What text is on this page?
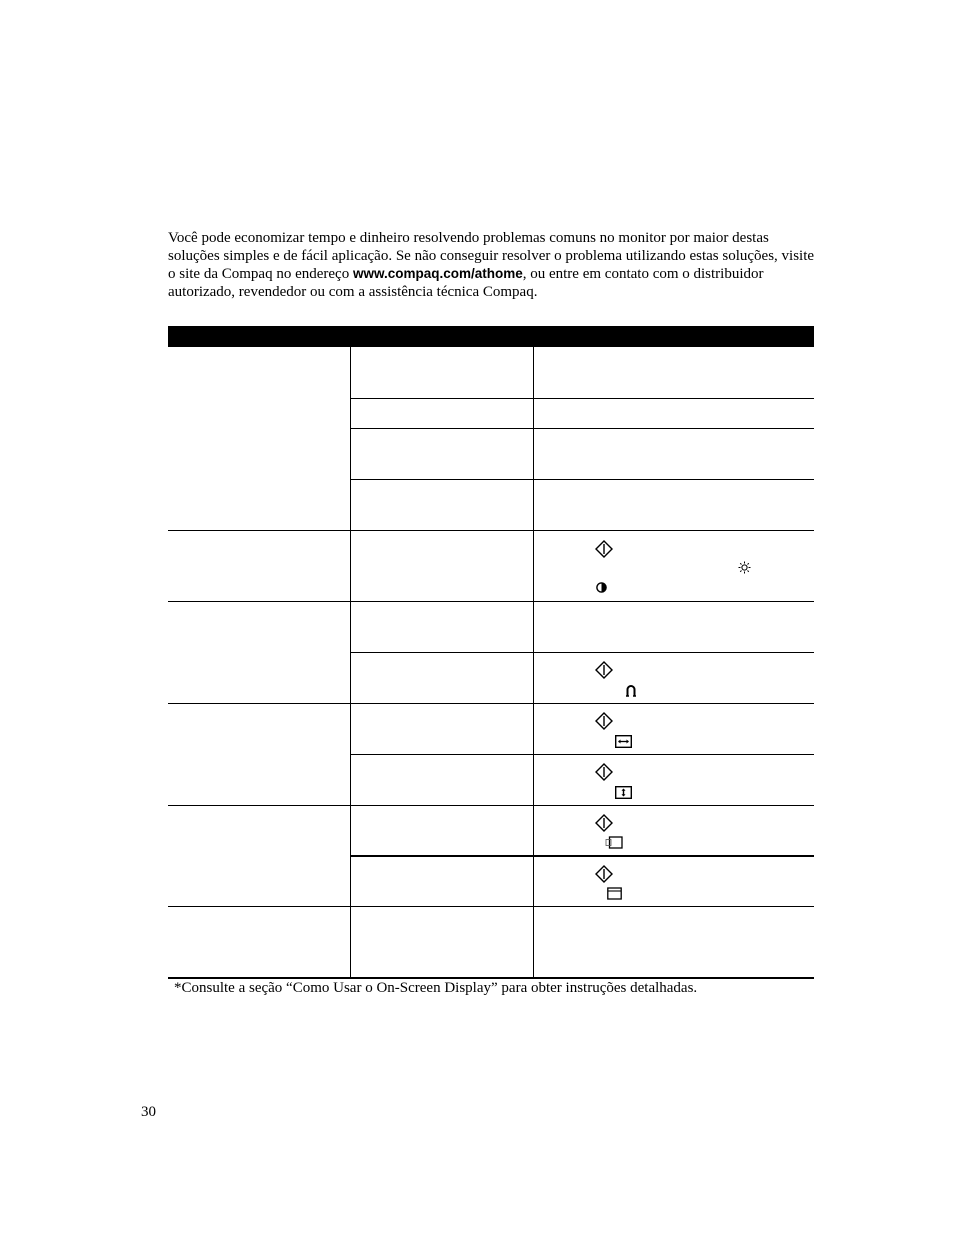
Você pode economizar tempo e dinheiro resolvendo problemas comuns no monitor por maior destas soluções simples e de fácil aplicação. Se não conseguir resolver o problema utilizando estas soluções, visite o site da Compaq no endereço www.compaq.com/athome, ou entre em contato com o distribuidor autorizado, revendedor ou com a assistência técnica Compaq.
*Consulte a seção “Como Usar o On-Screen Display” para obter instruções detalhadas.
30
